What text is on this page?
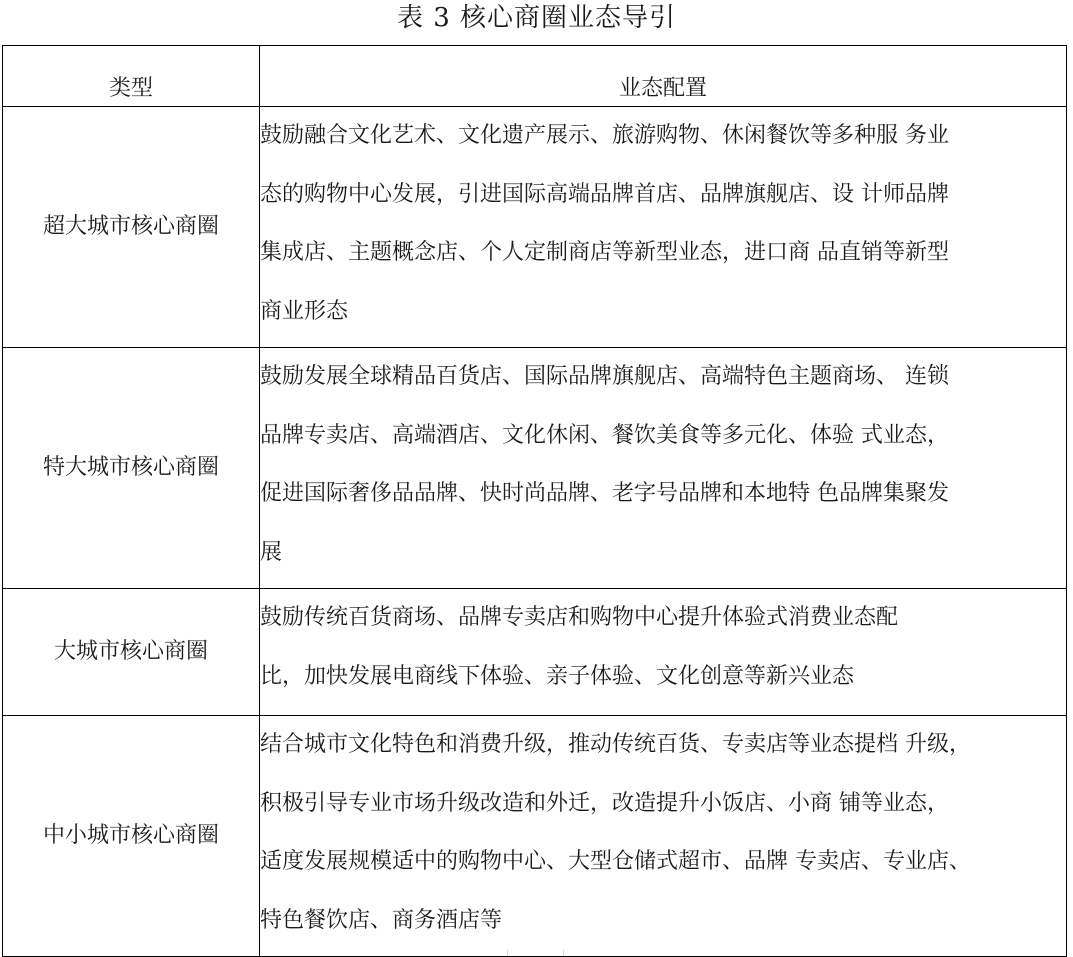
表 3 核心商圈业态导引
类型	业态配置

超大城市核心商圈	鼓励融合文化艺术、文化遗产展示、旅游购物、休闲餐饮等多种服 务业
态的购物中心发展，引进国际高端品牌首店、品牌旗舰店、设 计师品牌
集成店、主题概念店、个人定制商店等新型业态，进口商 品直销等新型
商业形态

特大城市核心商圈	鼓励发展全球精品百货店、国际品牌旗舰店、高端特色主题商场、 连锁
品牌专卖店、高端酒店、文化休闲、餐饮美食等多元化、体验 式业态，
促进国际奢侈品品牌、快时尚品牌、老字号品牌和本地特 色品牌集聚发
展

大城市核心商圈	鼓励传统百货商场、品牌专卖店和购物中心提升体验式消费业态配
比，加快发展电商线下体验、亲子体验、文化创意等新兴业态

中小城市核心商圈	结合城市文化特色和消费升级，推动传统百货、专卖店等业态提档 升级，
积极引导专业市场升级改造和外迁，改造提升小饭店、小商 铺等业态，
适度发展规模适中的购物中心、大型仓储式超市、品牌 专卖店、专业店、
特色餐饮店、商务酒店等
